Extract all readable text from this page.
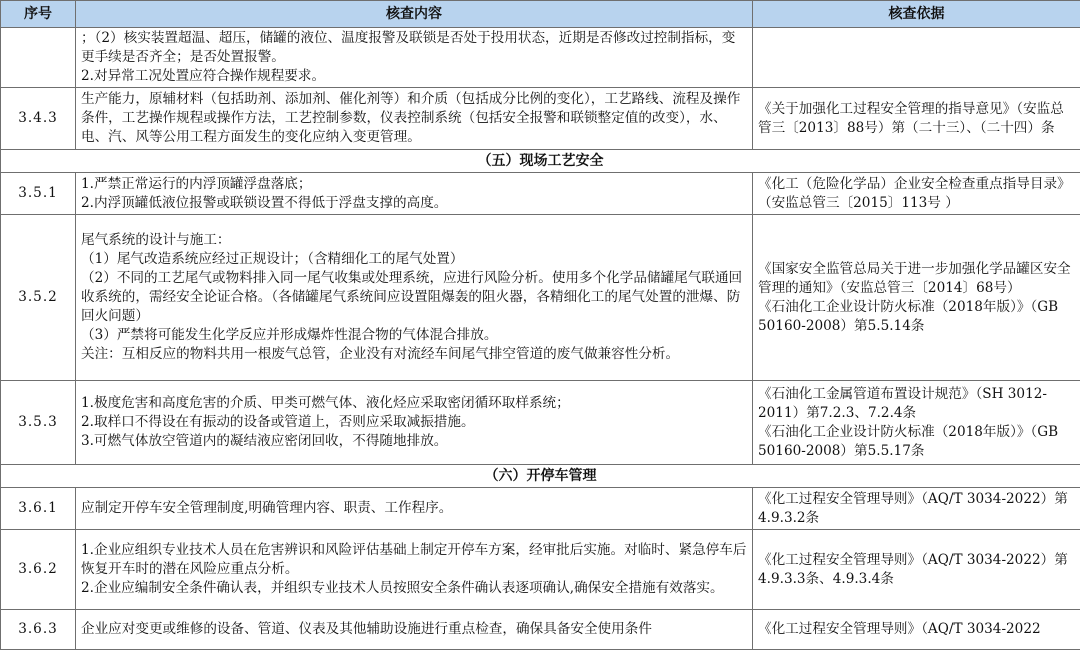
序号	核查内容	核查依据

	；（2）核实装置超温、超压，储罐的液位、温度报警及联锁是否处于投用状态，近期是否修改过控制指标，变更手续是否齐全；是否处置报警。
2.对异常工况处置应符合操作规程要求。	

3.4.3	生产能力，原辅材料（包括助剂、添加剂、催化剂等）和介质（包括成分比例的变化），工艺路线、流程及操作条件，工艺操作规程或操作方法，工艺控制参数，仪表控制系统（包括安全报警和联锁整定值的改变），水、电、汽、风等公用工程方面发生的变化应纳入变更管理。	《关于加强化工过程安全管理的指导意见》（安监总管三〔2013〕88号）第（二十三）、（二十四）条

（五）现场工艺安全		
3.5.1	1.严禁正常运行的内浮顶罐浮盘落底；
2.内浮顶罐低液位报警或联锁设置不得低于浮盘支撑的高度。	《化工（危险化学品）企业安全检查重点指导目录》（安监总管三〔2015〕113号 ）

3.5.2	尾气系统的设计与施工：
（1）尾气改造系统应经过正规设计；（含精细化工的尾气处置）
（2）不同的工艺尾气或物料排入同一尾气收集或处理系统，应进行风险分析。使用多个化学品储罐尾气联通回收系统的，需经安全论证合格。（各储罐尾气系统间应设置阻爆轰的阻火器，各精细化工的尾气处置的泄爆、防回火问题）
（3）严禁将可能发生化学反应并形成爆炸性混合物的气体混合排放。
关注：互相反应的物料共用一根废气总管，企业没有对流经车间尾气排空管道的废气做兼容性分析。	《国家安全监管总局关于进一步加强化学品罐区安全管理的通知》（安监总管三〔2014〕68号）
《石油化工企业设计防火标准（2018年版）》（GB 50160-2008）第5.5.14条

3.5.3	1.极度危害和高度危害的介质、甲类可燃气体、液化烃应采取密闭循环取样系统；
2.取样口不得设在有振动的设备或管道上，否则应采取减振措施。
3.可燃气体放空管道内的凝结液应密闭回收，不得随地排放。	《石油化工金属管道布置设计规范》（SH 3012-2011）第7.2.3、7.2.4条
《石油化工企业设计防火标准（2018年版）》（GB 50160-2008）第5.5.17条

（六）开停车管理		
3.6.1	应制定开停车安全管理制度,明确管理内容、职责、工作程序。	《化工过程安全管理导则》（AQ/T 3034-2022）第4.9.3.2条

3.6.2	1.企业应组织专业技术人员在危害辨识和风险评估基础上制定开停车方案，经审批后实施。对临时、紧急停车后恢复开车时的潜在风险应重点分析。
2.企业应编制安全条件确认表，并组织专业技术人员按照安全条件确认表逐项确认,确保安全措施有效落实。	《化工过程安全管理导则》（AQ/T 3034-2022）第4.9.3.3条、4.9.3.4条

3.6.3	企业应对变更或维修的设备、管道、仪表及其他辅助设施进行重点检查，确保具备安全使用条件	《化工过程安全管理导则》（AQ/T 3034-2022
